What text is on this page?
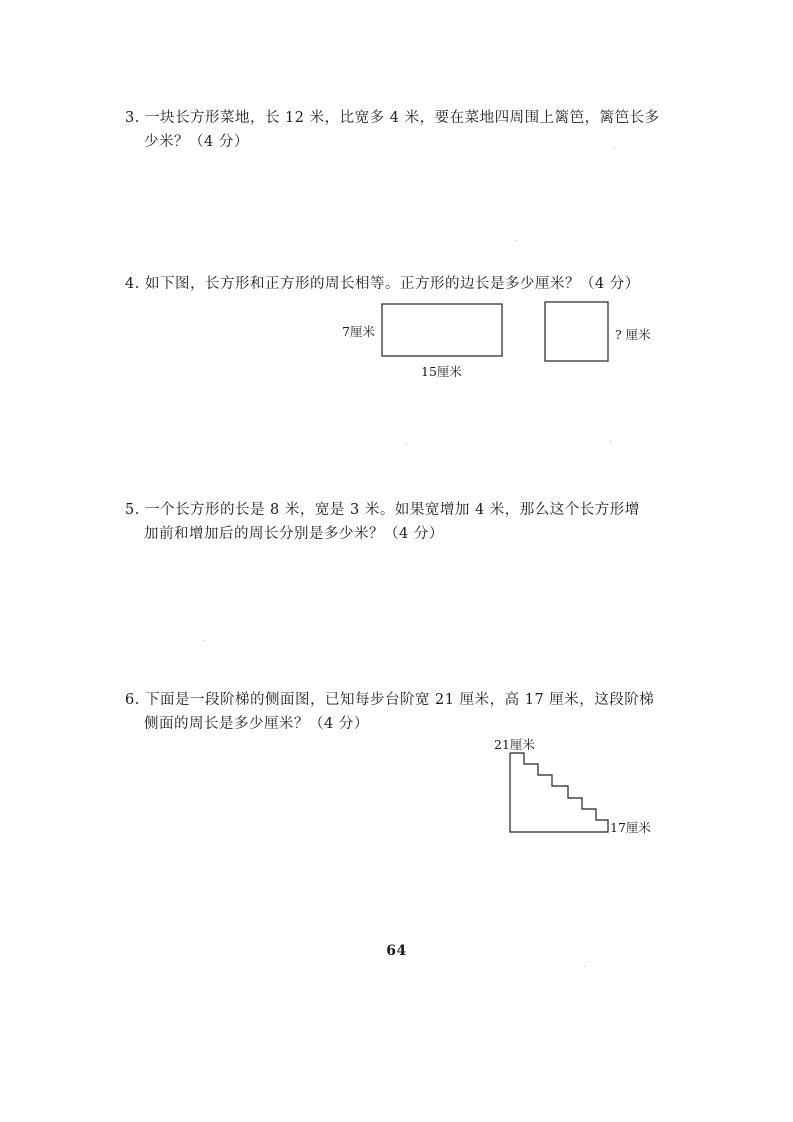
3. 一块长方形菜地，长 12 米，比宽多 4 米，要在菜地四周围上篱笆，篱笆长多
少米？（4 分）
4. 如下图，长方形和正方形的周长相等。正方形的边长是多少厘米？（4 分）
7厘米
15厘米
? 厘米
5. 一个长方形的长是 8 米，宽是 3 米。如果宽增加 4 米，那么这个长方形增
加前和增加后的周长分别是多少米？（4 分）
6. 下面是一段阶梯的侧面图，已知每步台阶宽 21 厘米，高 17 厘米，这段阶梯
侧面的周长是多少厘米？（4 分）
21厘米
17厘米
64
